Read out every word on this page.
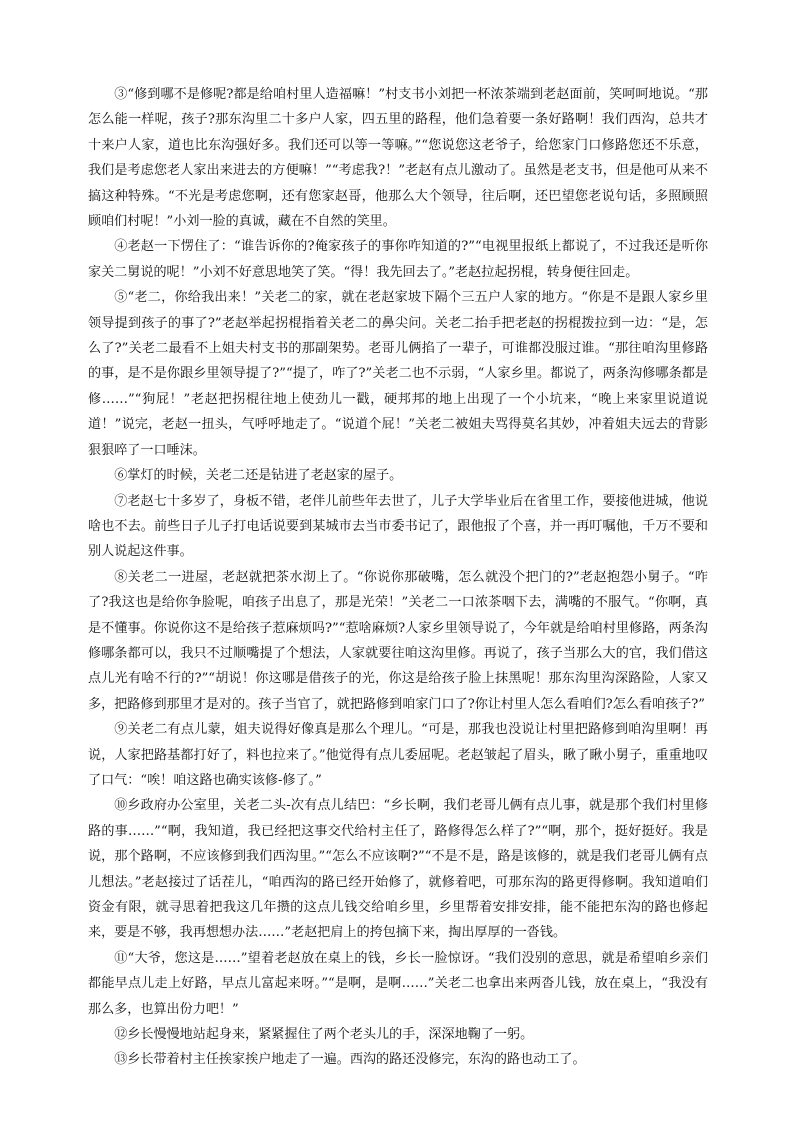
③“修到哪不是修呢?都是给咱村里人造福嘛！”村支书小刘把一杯浓茶端到老赵面前，笑呵呵地说。“那怎么能一样呢，孩子?那东沟里二十多户人家，四五里的路程，他们急着要一条好路啊！我们西沟，总共才十来户人家，道也比东沟强好多。我们还可以等一等嘛。”“您说您这老爷子，给您家门口修路您还不乐意，我们是考虑您老人家出来进去的方便嘛！”“考虑我?！”老赵有点儿激动了。虽然是老支书，但是他可从来不搞这种特殊。“不光是考虑您啊，还有您家赵哥，他那么大个领导，往后啊，还巴望您老说句话，多照顾照顾咱们村呢！”小刘一脸的真诚，藏在不自然的笑里。

④老赵一下愣住了：“谁告诉你的?俺家孩子的事你咋知道的?”“电视里报纸上都说了，不过我还是听你家关二舅说的呢！”小刘不好意思地笑了笑。“得！我先回去了。”老赵拉起拐棍，转身便往回走。

⑤“老二，你给我出来！”关老二的家，就在老赵家坡下隔个三五户人家的地方。“你是不是跟人家乡里领导提到孩子的事了?”老赵举起拐棍指着关老二的鼻尖问。关老二抬手把老赵的拐棍拨拉到一边：“是，怎么了?”关老二最看不上姐夫村支书的那副架势。老哥儿俩掐了一辈子，可谁都没服过谁。“那往咱沟里修路的事，是不是你跟乡里领导提了?”“提了，咋了?”关老二也不示弱，“人家乡里。都说了，两条沟修哪条都是修……”“狗屁！”老赵把拐棍往地上使劲儿一戳，硬邦邦的地上出现了一个小坑来，“晚上来家里说道说道！”说完，老赵一扭头，气呼呼地走了。“说道个屁！”关老二被姐夫骂得莫名其妙，冲着姐夫远去的背影狠狠啐了一口唾沫。

⑥掌灯的时候，关老二还是钻进了老赵家的屋子。

⑦老赵七十多岁了，身板不错，老伴儿前些年去世了，儿子大学毕业后在省里工作，要接他进城，他说啥也不去。前些日子儿子打电话说要到某城市去当市委书记了，跟他报了个喜，并一再叮嘱他，千万不要和别人说起这件事。

⑧关老二一进屋，老赵就把茶水沏上了。“你说你那破嘴，怎么就没个把门的?”老赵抱怨小舅子。“咋了?我这也是给你争脸呢，咱孩子出息了，那是光荣！”关老二一口浓茶咽下去，满嘴的不服气。“你啊，真是不懂事。你说你这不是给孩子惹麻烦吗?”“惹啥麻烦?人家乡里领导说了，今年就是给咱村里修路，两条沟修哪条都可以，我只不过顺嘴提了个想法，人家就要往咱这沟里修。再说了，孩子当那么大的官，我们借这点儿光有啥不行的?”“胡说！你这哪是借孩子的光，你这是给孩子脸上抹黑呢！那东沟里沟深路险，人家又多，把路修到那里才是对的。孩子当官了，就把路修到咱家门口了?你让村里人怎么看咱们?怎么看咱孩子?”

⑨关老二有点儿蒙，姐夫说得好像真是那么个理儿。“可是，那我也没说让村里把路修到咱沟里啊！再说，人家把路基都打好了，料也拉来了。”他觉得有点儿委屈呢。老赵皱起了眉头，瞅了瞅小舅子，重重地叹了口气：“唉！咱这路也确实该修-修了。”

⑩乡政府办公室里，关老二头-次有点儿结巴：“乡长啊，我们老哥儿俩有点儿事，就是那个我们村里修路的事……”“啊，我知道，我已经把这事交代给村主任了，路修得怎么样了?”“啊，那个，挺好挺好。我是说，那个路啊，不应该修到我们西沟里。”“怎么不应该啊?”“不是不是，路是该修的，就是我们老哥儿俩有点儿想法。”老赵接过了话茬儿，“咱西沟的路已经开始修了，就修着吧，可那东沟的路更得修啊。我知道咱们资金有限，就寻思着把我这几年攒的这点儿钱交给咱乡里，乡里帮着安排安排，能不能把东沟的路也修起来，要是不够，我再想想办法……”老赵把肩上的挎包摘下来，掏出厚厚的一沓钱。

⑪“大爷，您这是……”望着老赵放在桌上的钱，乡长一脸惊讶。“我们没别的意思，就是希望咱乡亲们都能早点儿走上好路，早点儿富起来呀。”“是啊，是啊……”关老二也拿出来两沓儿钱，放在桌上，“我没有那么多，也算出份力吧！”

⑫乡长慢慢地站起身来，紧紧握住了两个老头儿的手，深深地鞠了一躬。

⑬乡长带着村主任挨家挨户地走了一遍。西沟的路还没修完，东沟的路也动工了。
